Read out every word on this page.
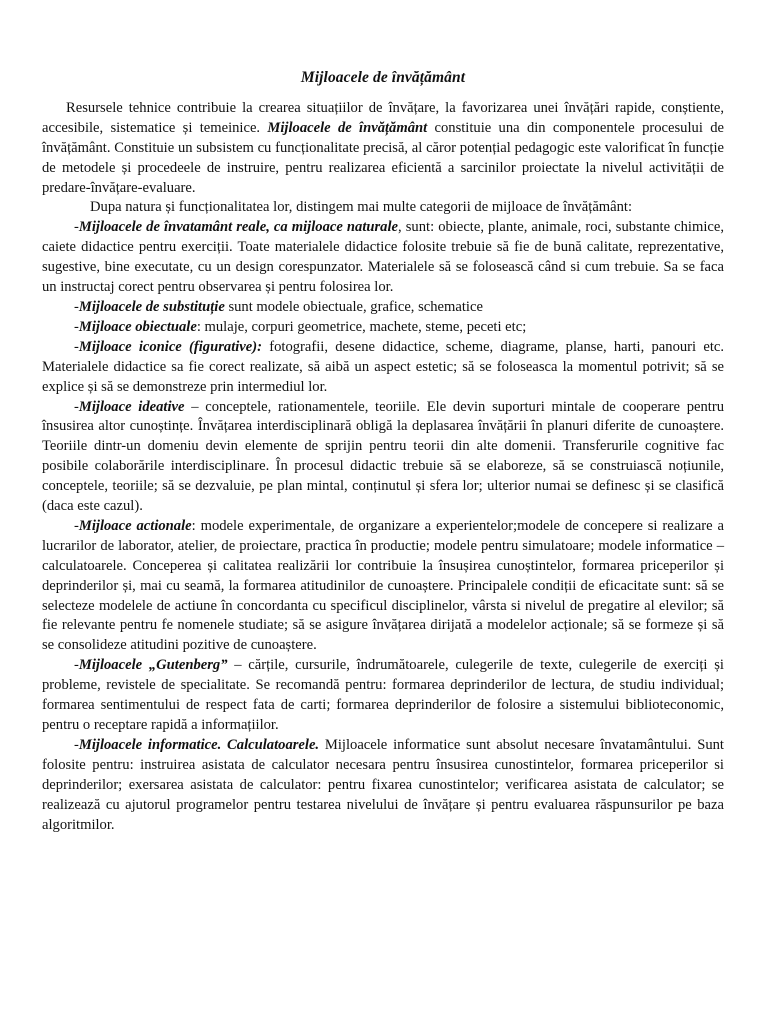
Mijloacele de învățământ

Resursele tehnice contribuie la crearea situațiilor de învățare, la favorizarea unei învățări rapide, conștiente, accesibile, sistematice și temeinice. Mijloacele de învățământ constituie una din componentele procesului de învățământ. Constituie un subsistem cu funcționalitate precisă, al căror potențial pedagogic este valorificat în funcție de metodele și procedeele de instruire, pentru realizarea eficientă a sarcinilor proiectate la nivelul activității de predare-învățare-evaluare.

Dupa natura și funcționalitatea lor, distingem mai multe categorii de mijloace de învățământ:

-Mijloacele de învatamânt reale, ca mijloace naturale, sunt: obiecte, plante, animale, roci, substante chimice, caiete didactice pentru exerciții. Toate materialele didactice folosite trebuie să fie de bună calitate, reprezentative, sugestive, bine executate, cu un design corespunzator. Materialele să se folosească când si cum trebuie. Sa se faca un instructaj corect pentru observarea și pentru folosirea lor.

-Mijloacele de substituție sunt modele obiectuale, grafice, schematice

-Mijloace obiectuale: mulaje, corpuri geometrice, machete, steme, peceti etc;

-Mijloace iconice (figurative): fotografii, desene didactice, scheme, diagrame, planse, harti, panouri etc. Materialele didactice sa fie corect realizate, să aibă un aspect estetic; să se foloseasca la momentul potrivit; să se explice și să se demonstreze prin intermediul lor.

-Mijloace ideative – conceptele, rationamentele, teoriile. Ele devin suporturi mintale de cooperare pentru însusirea altor cunoștințe. Învățarea interdisciplinară obligă la deplasarea învățării în planuri diferite de cunoaștere. Teoriile dintr-un domeniu devin elemente de sprijin pentru teorii din alte domenii. Transferurile cognitive fac posibile colaborările interdisciplinare. În procesul didactic trebuie să se elaboreze, să se construiască noțiunile, conceptele, teoriile; să se dezvaluie, pe plan mintal, conținutul și sfera lor; ulterior numai se definesc și se clasifică (daca este cazul).

-Mijloace actionale: modele experimentale, de organizare a experientelor;modele de concepere si realizare a lucrarilor de laborator, atelier, de proiectare, practica în productie; modele pentru simulatoare; modele informatice – calculatoarele. Conceperea și calitatea realizării lor contribuie la însușirea cunoștintelor, formarea priceperilor și deprinderilor și, mai cu seamă, la formarea atitudinilor de cunoaștere. Principalele condiții de eficacitate sunt: să se selecteze modelele de actiune în concordanta cu specificul disciplinelor, vârsta si nivelul de pregatire al elevilor; să fie relevante pentru fe nomenele studiate; să se asigure învățarea dirijată a modelelor acționale; să se formeze și să se consolideze atitudini pozitive de cunoaștere.

-Mijloacele „Gutenberg” – cărțile, cursurile, îndrumătoarele, culegerile de texte, culegerile de exerciți și probleme, revistele de specialitate. Se recomandă pentru: formarea deprinderilor de lectura, de studiu individual; formarea sentimentului de respect fata de carti; formarea deprinderilor de folosire a sistemului biblioteconomic, pentru o receptare rapidă a informațiilor.

-Mijloacele informatice. Calculatoarele. Mijloacele informatice sunt absolut necesare învatamântului. Sunt folosite pentru: instruirea asistata de calculator necesara pentru însusirea cunostintelor, formarea priceperilor si deprinderilor; exersarea asistata de calculator: pentru fixarea cunostintelor; verificarea asistata de calculator; se realizează cu ajutorul programelor pentru testarea nivelului de învățare și pentru evaluarea răspunsurilor pe baza algoritmilor.
